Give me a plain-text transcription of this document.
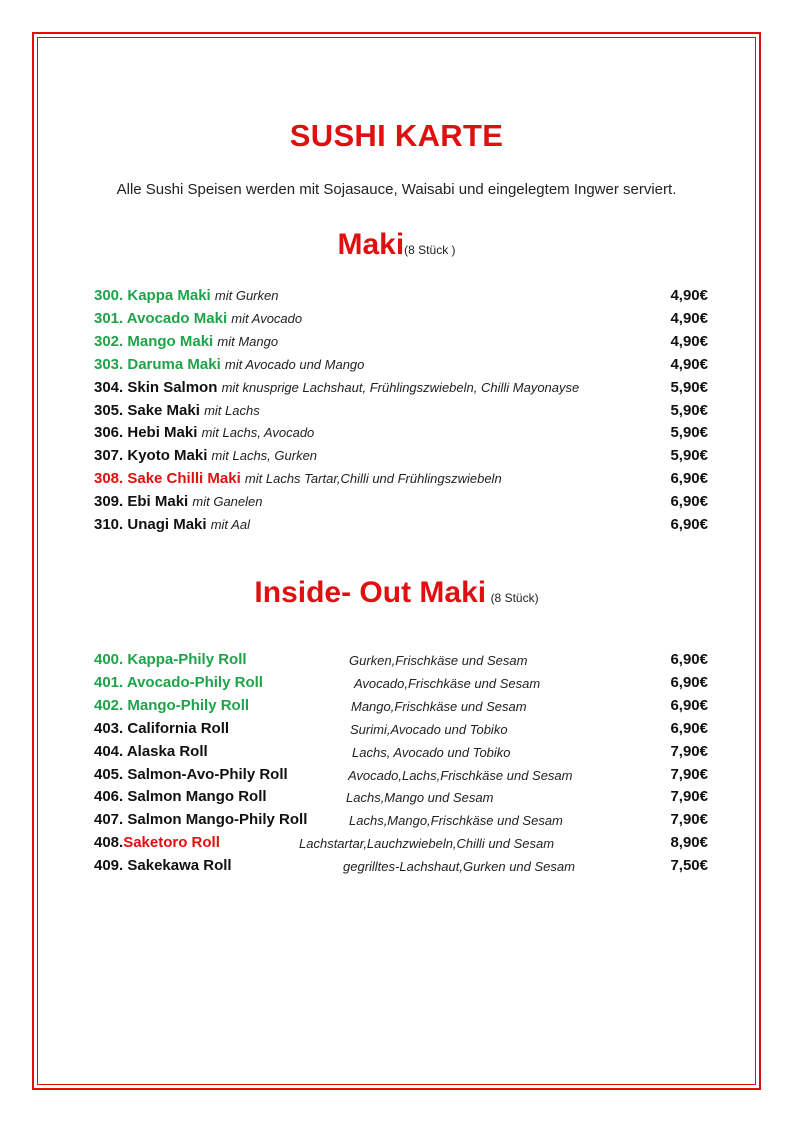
SUSHI KARTE
Alle Sushi Speisen werden mit Sojasauce, Waisabi und eingelegtem Ingwer serviert.
Maki(8 Stück )
300. Kappa Maki mit Gurken	4,90€
301. Avocado Maki mit Avocado	4,90€
302. Mango Maki mit Mango	4,90€
303. Daruma Maki mit Avocado und Mango	4,90€
304. Skin Salmon mit knusprige Lachshaut, Frühlingszwiebeln, Chilli Mayonayse	5,90€
305. Sake Maki mit Lachs	5,90€
306. Hebi Maki mit Lachs, Avocado	5,90€
307. Kyoto Maki mit Lachs, Gurken	5,90€
308. Sake Chilli Maki mit Lachs Tartar,Chilli und Frühlingszwiebeln	6,90€
309. Ebi Maki mit Ganelen	6,90€
310. Unagi Maki mit Aal	6,90€
Inside- Out Maki (8 Stück)
400. Kappa-Phily Roll	Gurken,Frischkäse und Sesam	6,90€
401. Avocado-Phily Roll	Avocado,Frischkäse und Sesam	6,90€
402. Mango-Phily Roll	Mango,Frischkäse und Sesam	6,90€
403. California Roll	Surimi,Avocado und Tobiko	6,90€
404. Alaska Roll	Lachs, Avocado und Tobiko	7,90€
405. Salmon-Avo-Phily Roll	Avocado,Lachs,Frischkäse und Sesam	7,90€
406. Salmon Mango Roll	Lachs,Mango und Sesam	7,90€
407. Salmon Mango-Phily Roll	Lachs,Mango,Frischkäse und Sesam	7,90€
408.Saketoro Roll	Lachstartar,Lauchzwiebeln,Chilli und Sesam	8,90€
409. Sakekawa Roll	gegrilltes-Lachshaut,Gurken und Sesam	7,50€
